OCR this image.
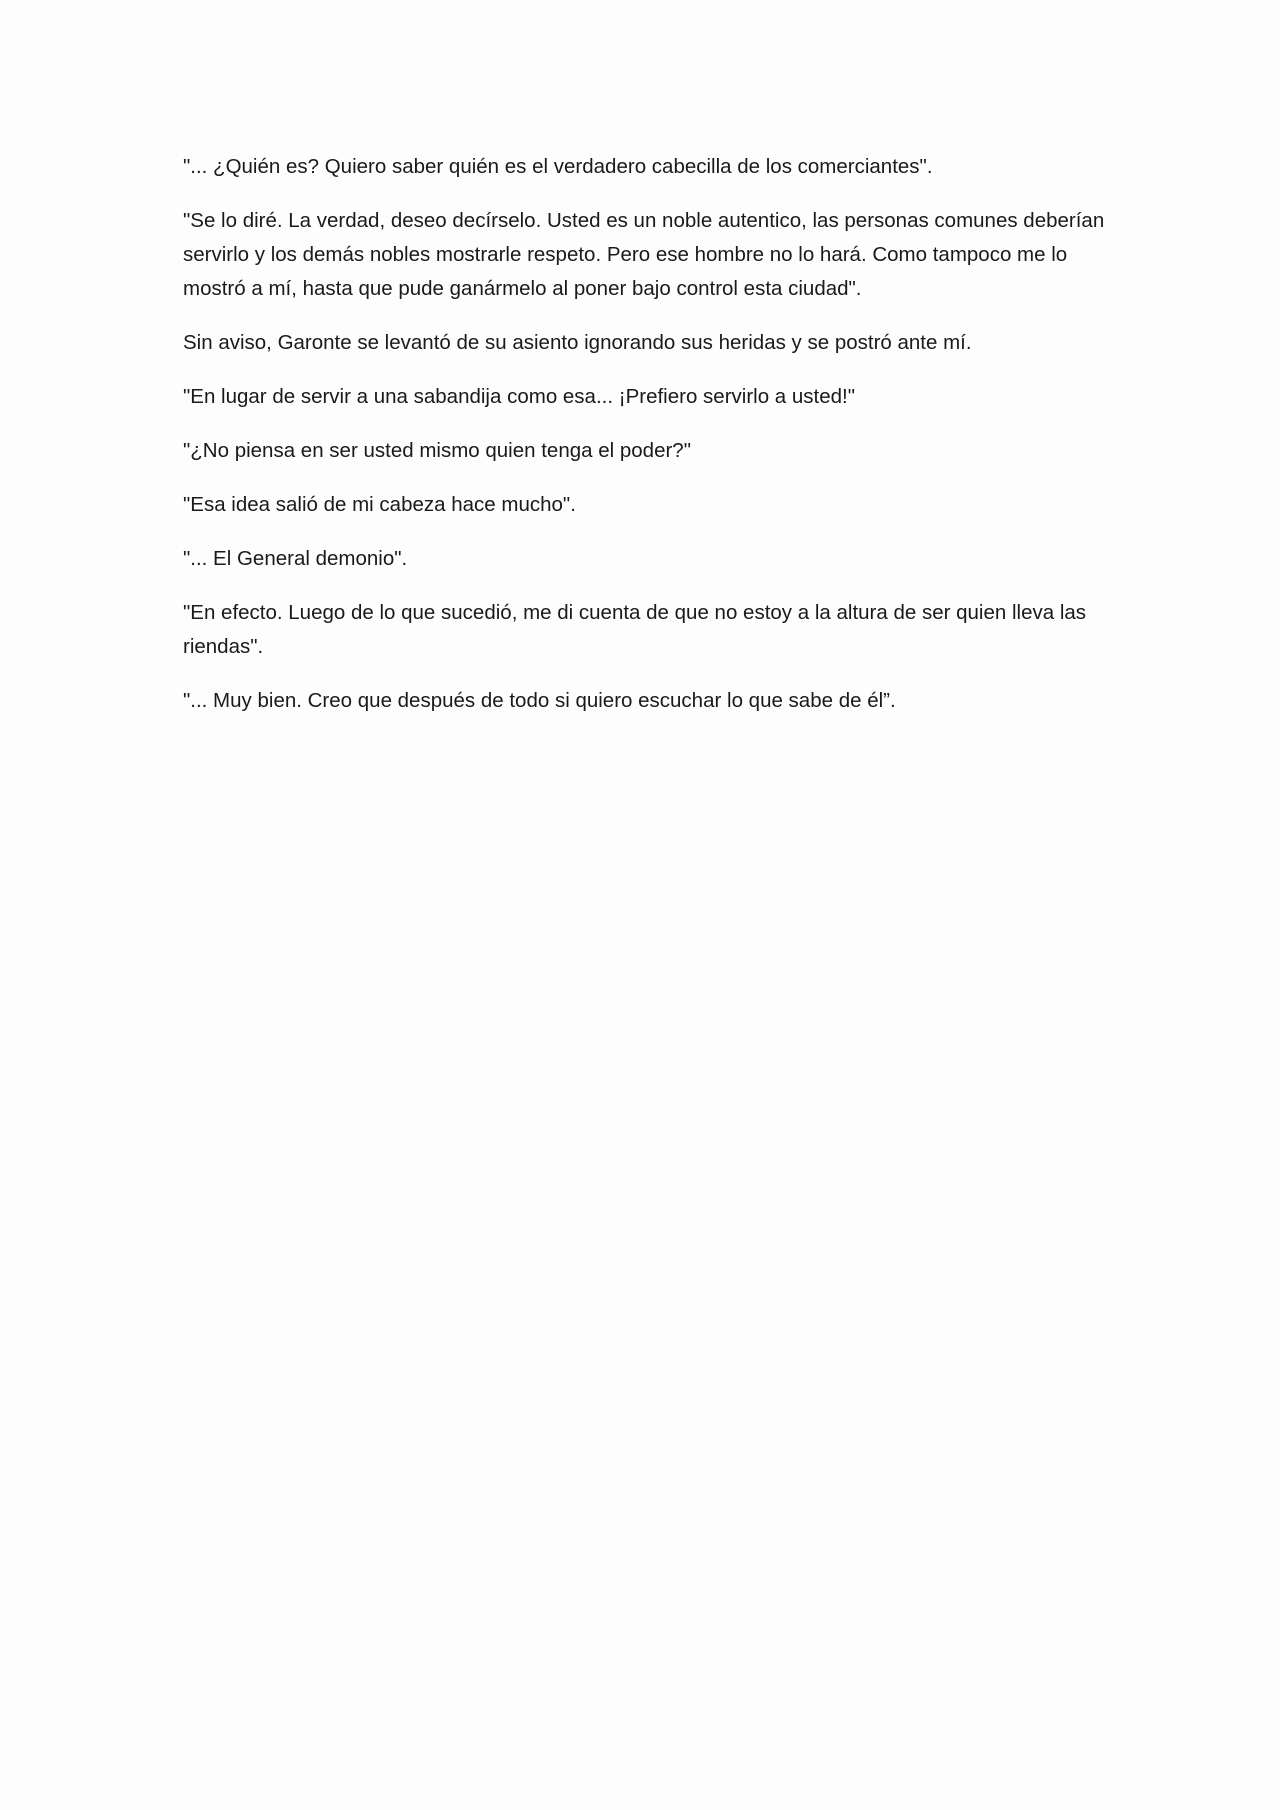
"... ¿Quién es? Quiero saber quién es el verdadero cabecilla de los comerciantes".

"Se lo diré. La verdad, deseo decírselo. Usted es un noble autentico, las personas comunes deberían servirlo y los demás nobles mostrarle respeto. Pero ese hombre no lo hará. Como tampoco me lo mostró a mí, hasta que pude ganármelo al poner bajo control esta ciudad".

Sin aviso, Garonte se levantó de su asiento ignorando sus heridas y se postró ante mí.

"En lugar de servir a una sabandija como esa... ¡Prefiero servirlo a usted!"

"¿No piensa en ser usted mismo quien tenga el poder?"

"Esa idea salió de mi cabeza hace mucho".

"... El General demonio".

"En efecto. Luego de lo que sucedió, me di cuenta de que no estoy a la altura de ser quien lleva las riendas".

"... Muy bien. Creo que después de todo si quiero escuchar lo que sabe de él”.
